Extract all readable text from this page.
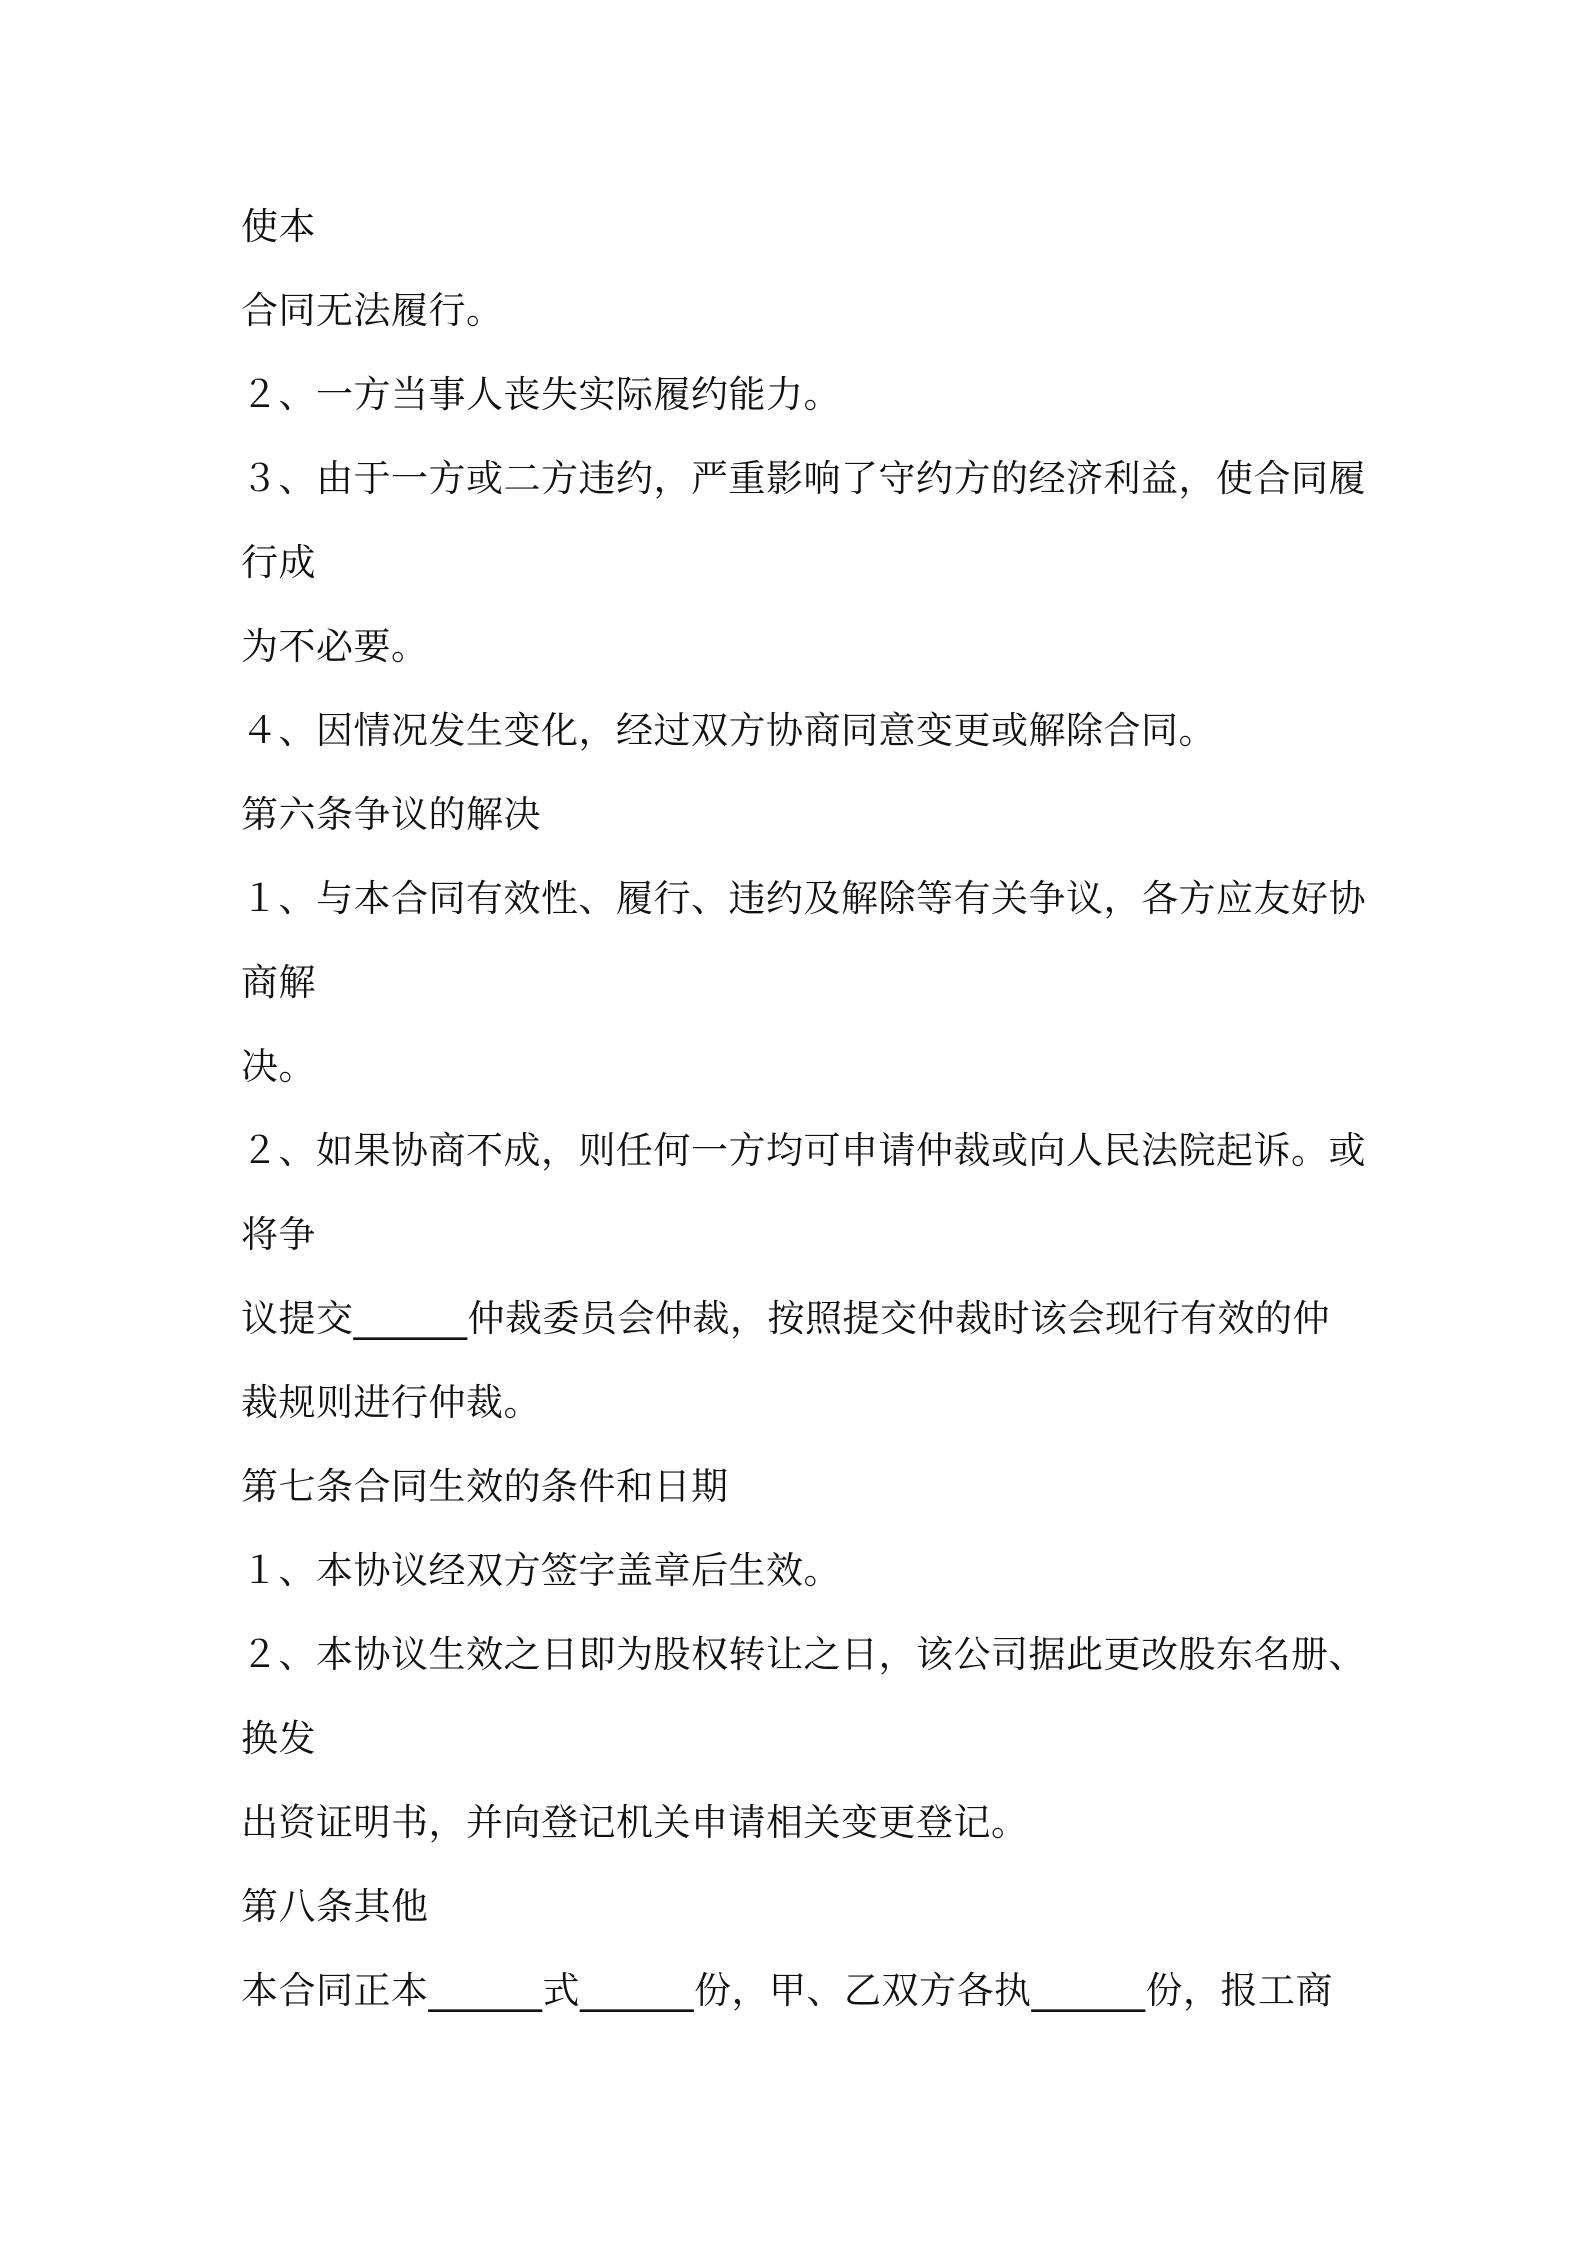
使本
合同无法履行。
２、一方当事人丧失实际履约能力。
３、由于一方或二方违约，严重影响了守约方的经济利益，使合同履
行成
为不必要。
４、因情况发生变化，经过双方协商同意变更或解除合同。
第六条争议的解决
１、与本合同有效性、履行、违约及解除等有关争议，各方应友好协
商解
决。
２、如果协商不成，则任何一方均可申请仲裁或向人民法院起诉。或
将争
议提交______仲裁委员会仲裁，按照提交仲裁时该会现行有效的仲
裁规则进行仲裁。
第七条合同生效的条件和日期
１、本协议经双方签字盖章后生效。
２、本协议生效之日即为股权转让之日，该公司据此更改股东名册、
换发
出资证明书，并向登记机关申请相关变更登记。
第八条其他
本合同正本______式______份，甲、乙双方各执______份，报工商
